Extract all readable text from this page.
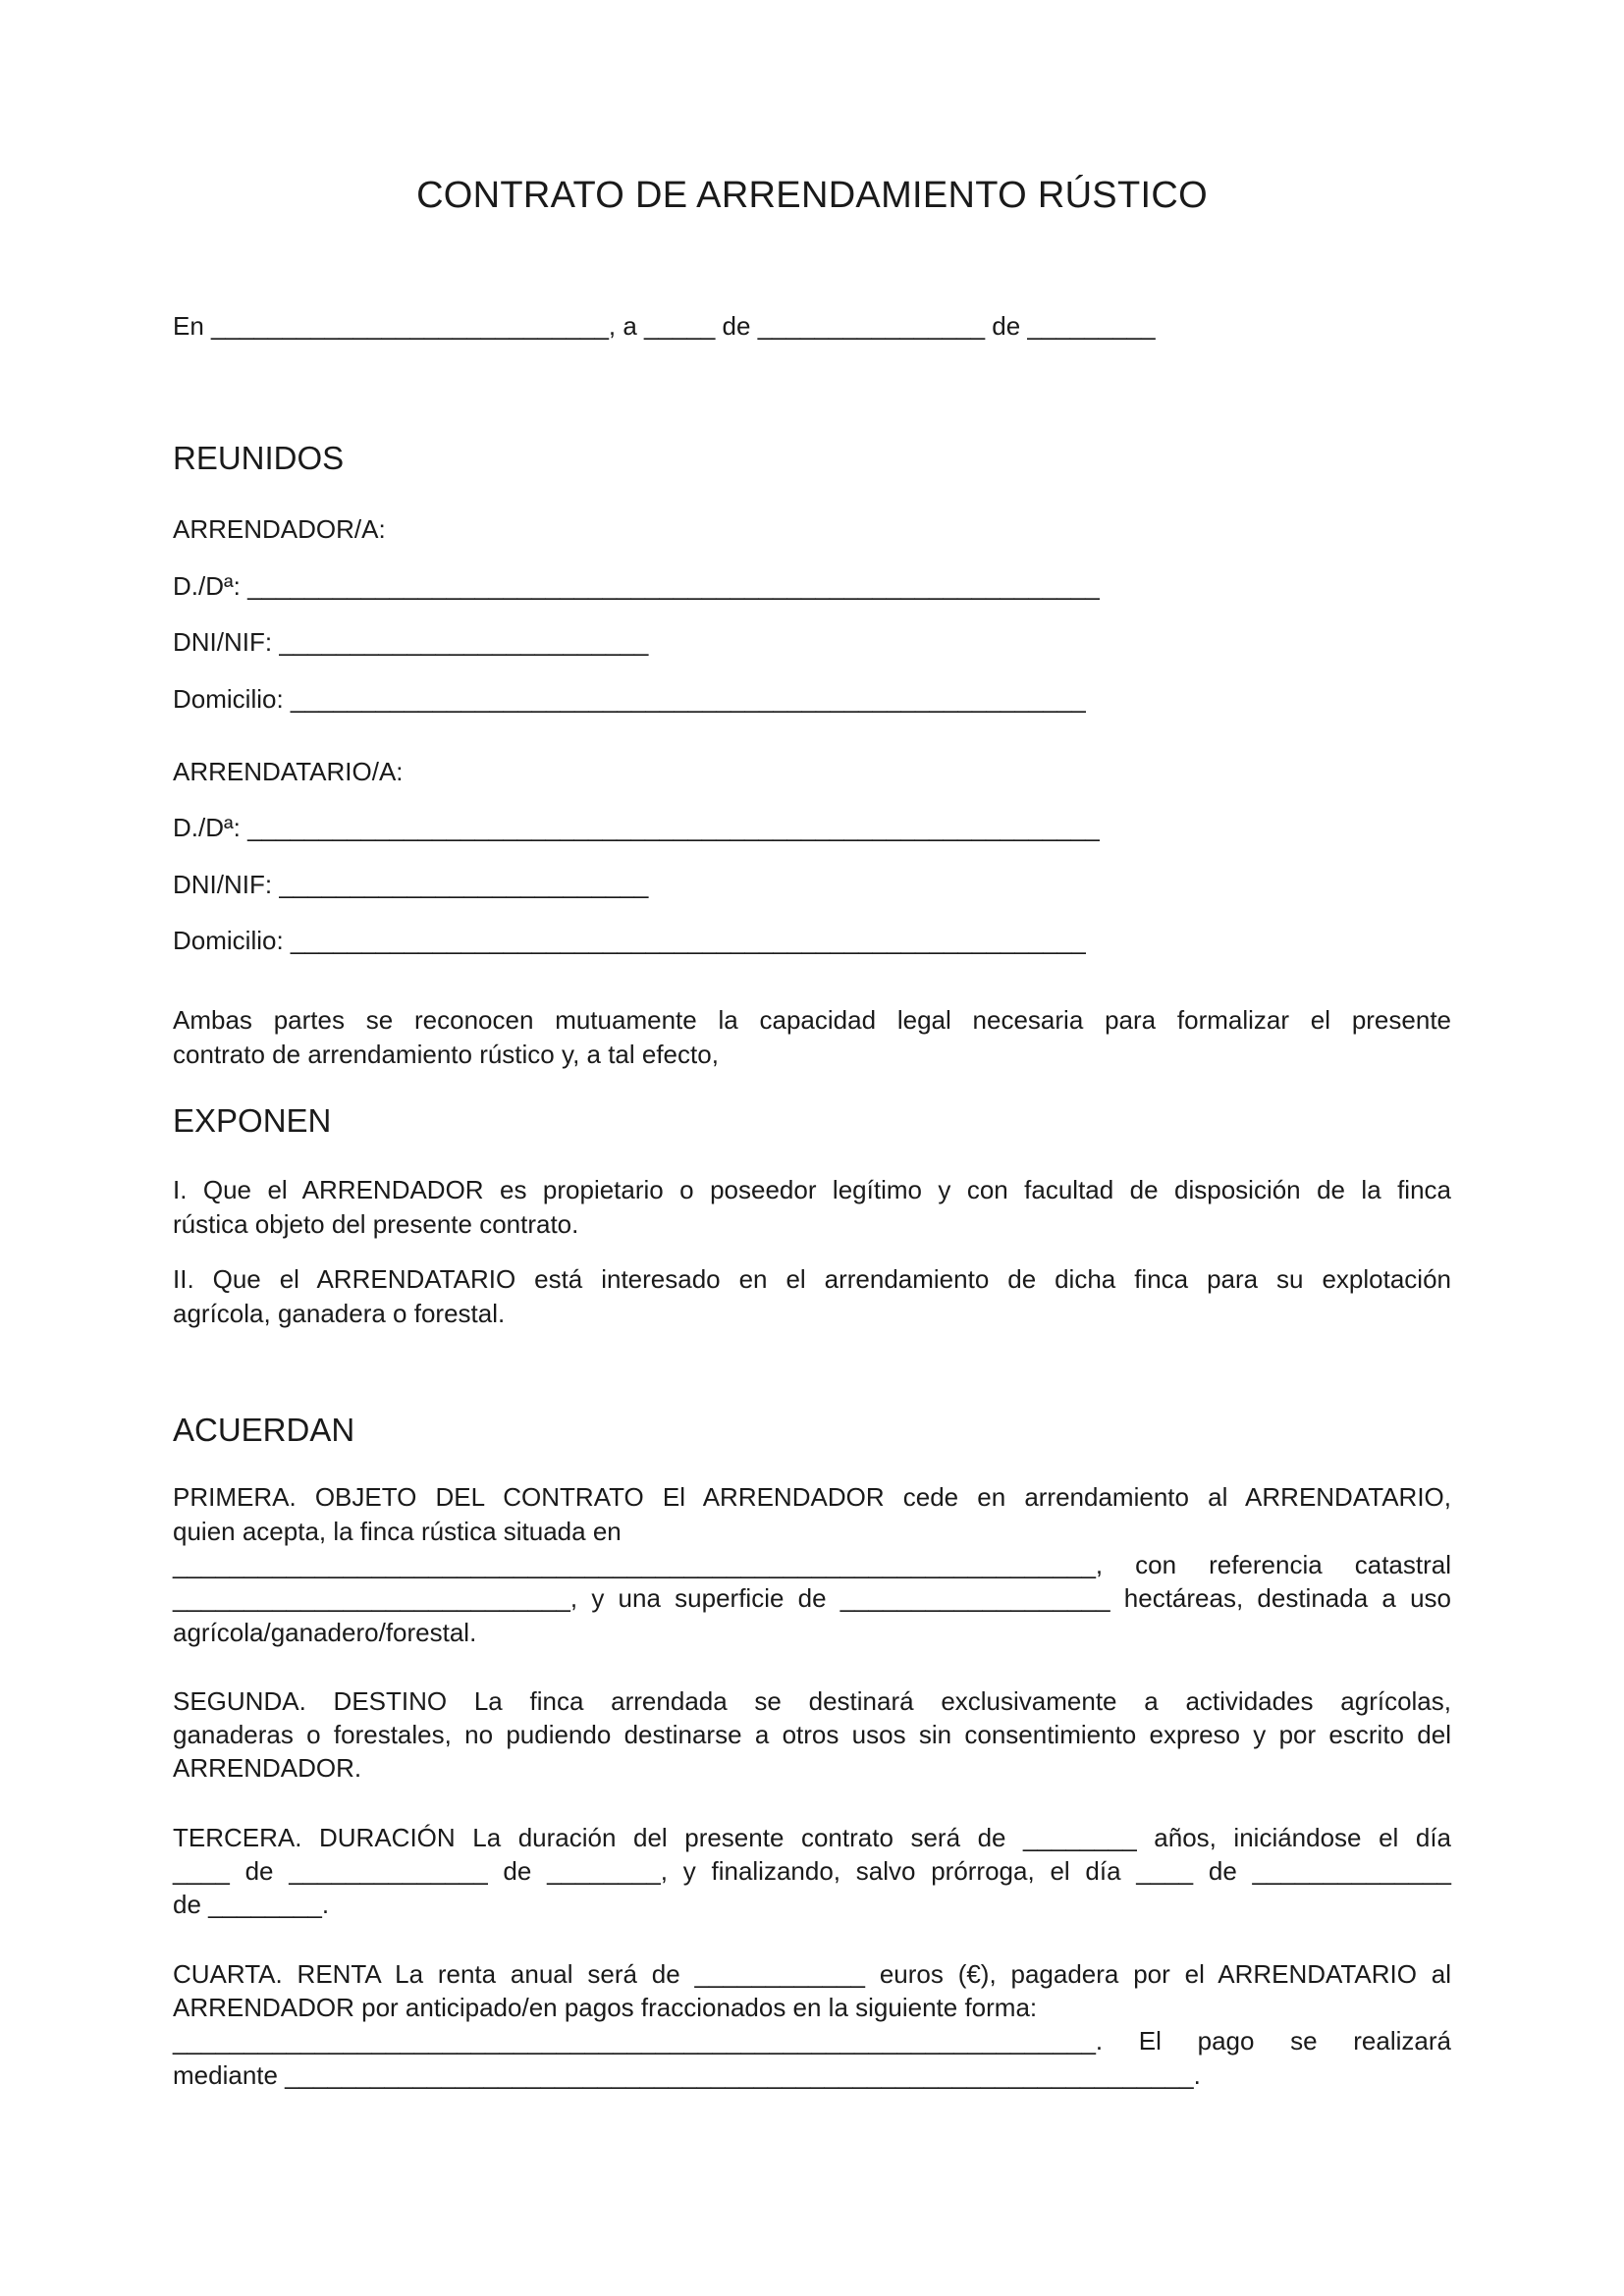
CONTRATO DE ARRENDAMIENTO RÚSTICO
En ____________________________, a _____ de ________________ de _________
REUNIDOS
ARRENDADOR/A:
D./Dª: ____________________________________________________________
DNI/NIF: __________________________
Domicilio: ________________________________________________________
ARRENDATARIO/A:
D./Dª: ____________________________________________________________
DNI/NIF: __________________________
Domicilio: ________________________________________________________
Ambas partes se reconocen mutuamente la capacidad legal necesaria para formalizar el presente
contrato de arrendamiento rústico y, a tal efecto,
EXPONEN
I. Que el ARRENDADOR es propietario o poseedor legítimo y con facultad de disposición de la finca
rústica objeto del presente contrato.
II. Que el ARRENDATARIO está interesado en el arrendamiento de dicha finca para su explotación
agrícola, ganadera o forestal.
ACUERDAN
PRIMERA. OBJETO DEL CONTRATO El ARRENDADOR cede en arrendamiento al ARRENDATARIO,
quien acepta, la finca rústica situada en
_________________________________________________________________, con referencia catastral
____________________________, y una superficie de ___________________ hectáreas, destinada a uso
agrícola/ganadero/forestal.
SEGUNDA. DESTINO La finca arrendada se destinará exclusivamente a actividades agrícolas,
ganaderas o forestales, no pudiendo destinarse a otros usos sin consentimiento expreso y por escrito del
ARRENDADOR.
TERCERA. DURACIÓN La duración del presente contrato será de ________ años, iniciándose el día
____ de ______________ de ________, y finalizando, salvo prórroga, el día ____ de ______________
de ________.
CUARTA. RENTA La renta anual será de ____________ euros (€), pagadera por el ARRENDATARIO al
ARRENDADOR por anticipado/en pagos fraccionados en la siguiente forma:
_________________________________________________________________. El pago se realizará
mediante ________________________________________________________________.
